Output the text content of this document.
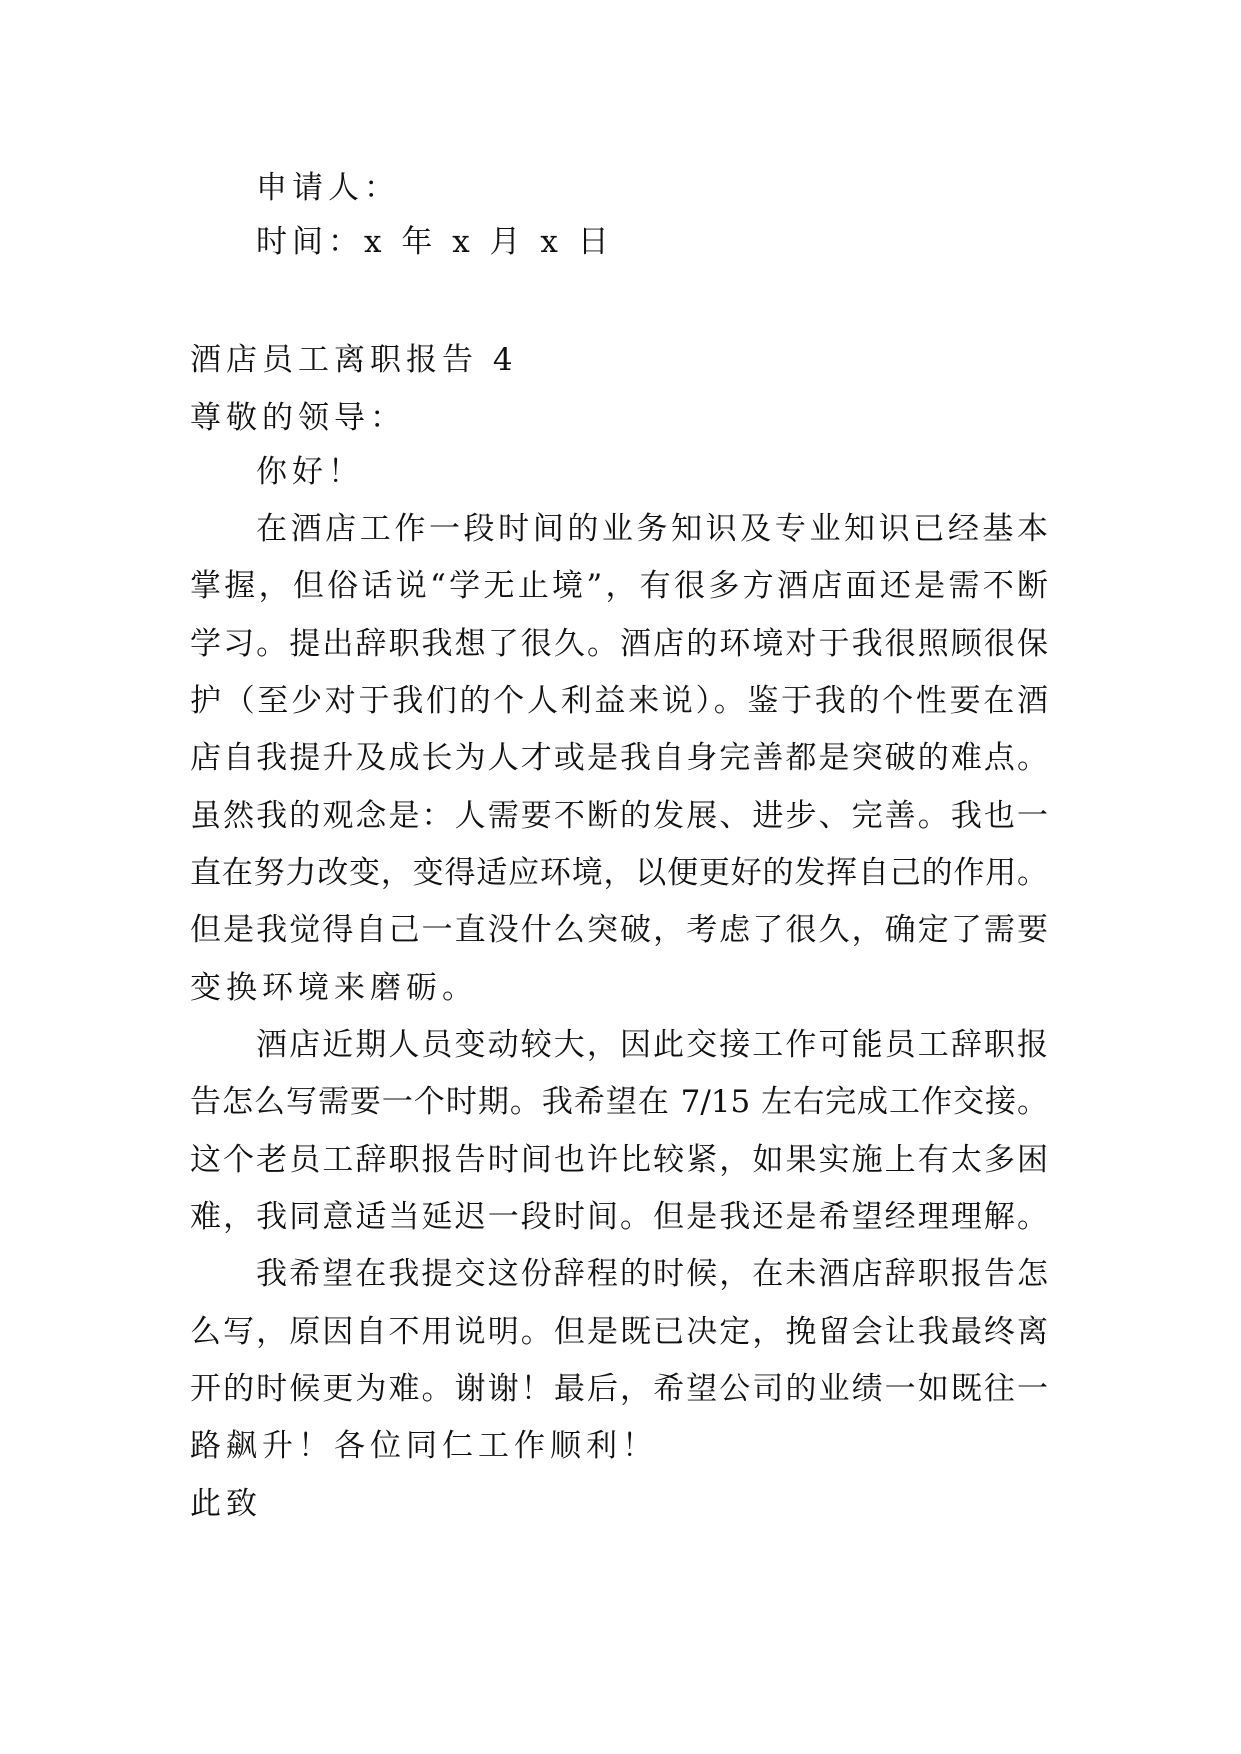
申请人：
时间：x 年 x 月 x 日
酒店员工离职报告 4
尊敬的领导：
你好！
在酒店工作一段时间的业务知识及专业知识已经基本
掌握，但俗话说“学无止境”，有很多方酒店面还是需不断
学习。提出辞职我想了很久。酒店的环境对于我很照顾很保
护（至少对于我们的个人利益来说）。鉴于我的个性要在酒
店自我提升及成长为人才或是我自身完善都是突破的难点。
虽然我的观念是：人需要不断的发展、进步、完善。我也一
直在努力改变，变得适应环境，以便更好的发挥自己的作用。
但是我觉得自己一直没什么突破，考虑了很久，确定了需要
变换环境来磨砺。
酒店近期人员变动较大，因此交接工作可能员工辞职报
告怎么写需要一个时期。我希望在 7/15 左右完成工作交接。
这个老员工辞职报告时间也许比较紧，如果实施上有太多困
难，我同意适当延迟一段时间。但是我还是希望经理理解。
我希望在我提交这份辞程的时候，在未酒店辞职报告怎
么写，原因自不用说明。但是既已决定，挽留会让我最终离
开的时候更为难。谢谢！最后，希望公司的业绩一如既往一
路飙升！各位同仁工作顺利！
此致
